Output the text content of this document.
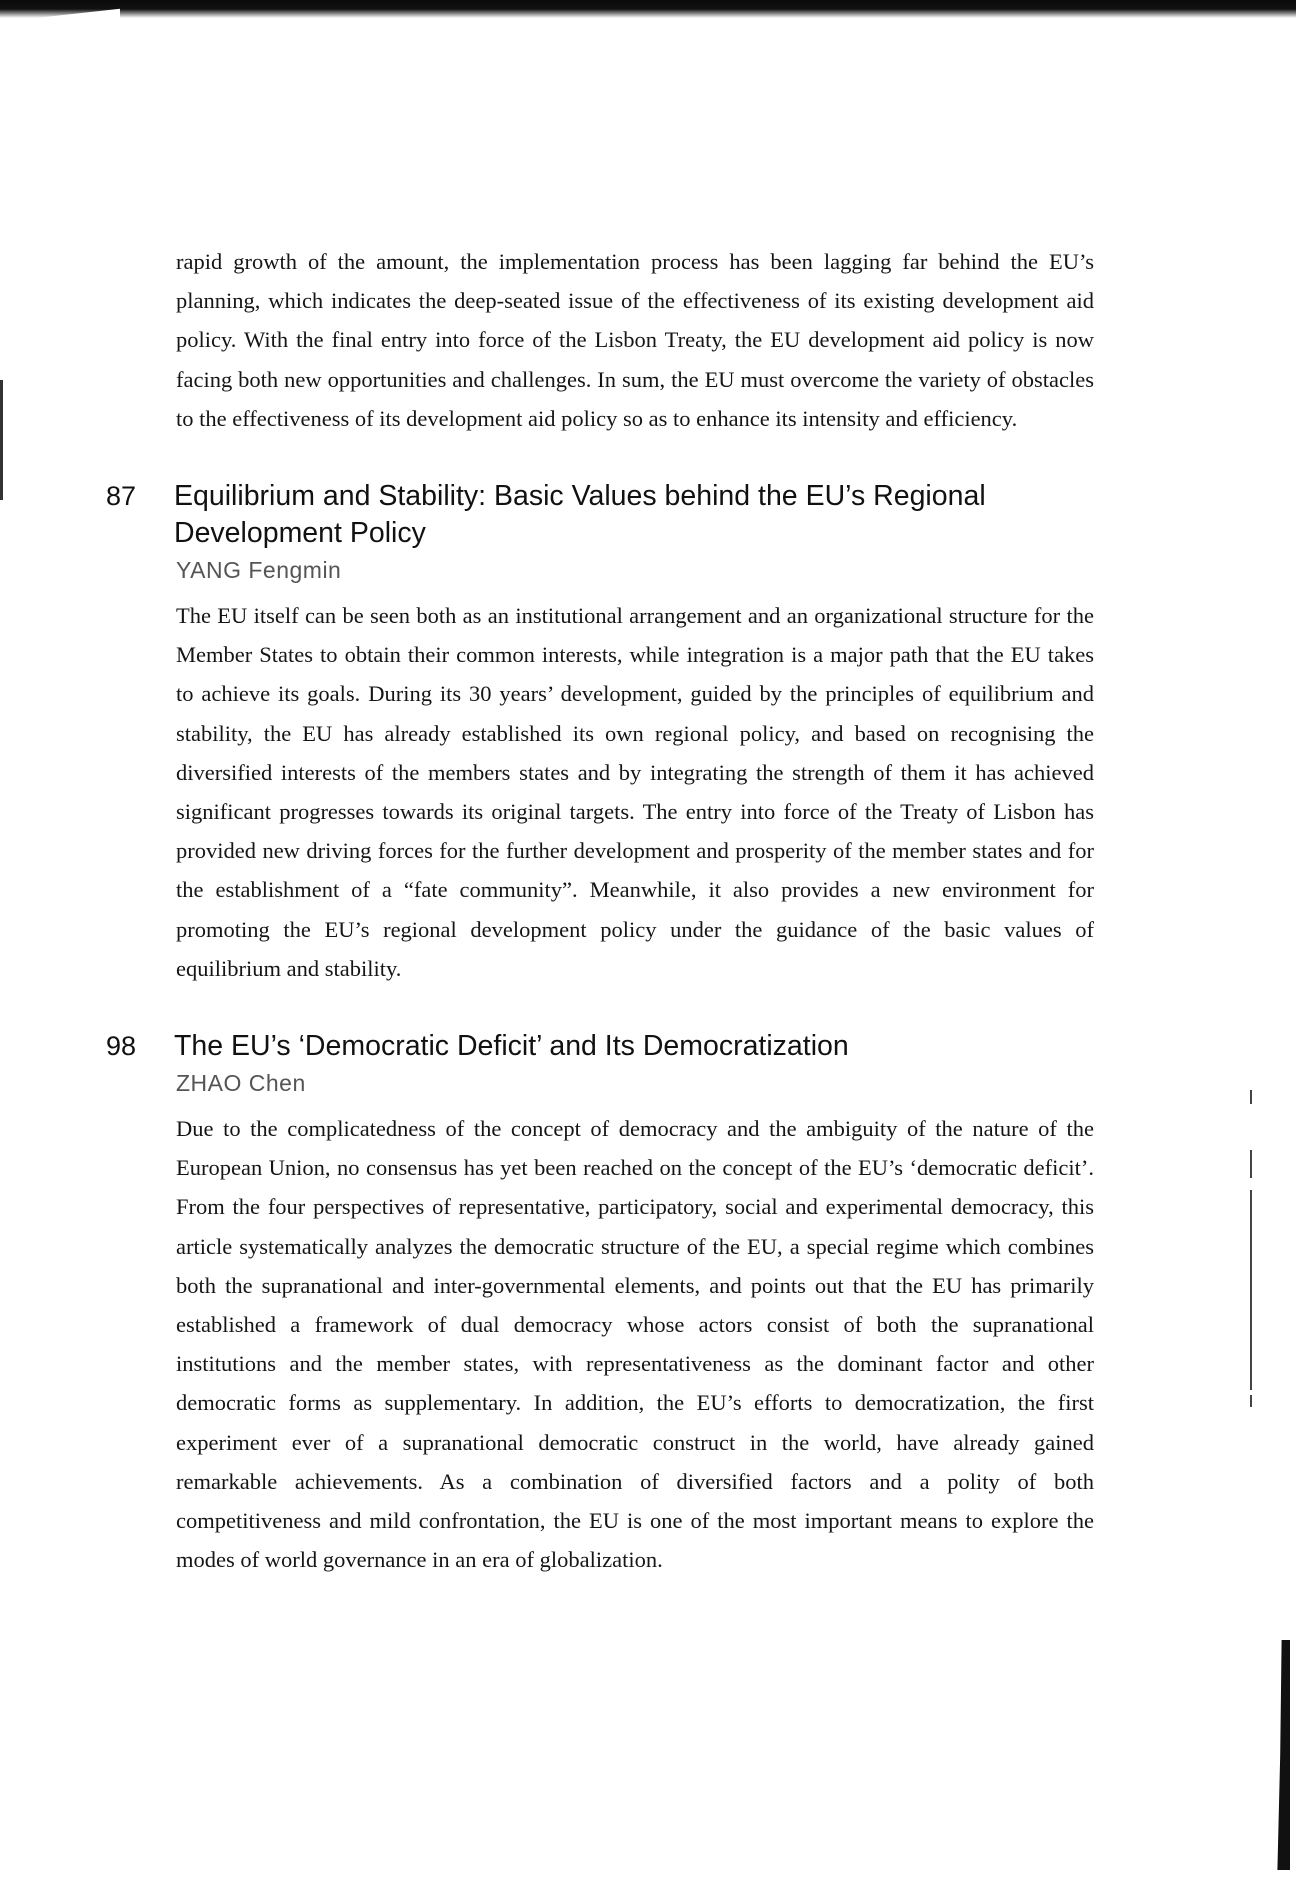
rapid growth of the amount, the implementation process has been lagging far behind the EU’s planning, which indicates the deep-seated issue of the effectiveness of its existing development aid policy. With the final entry into force of the Lisbon Treaty, the EU development aid policy is now facing both new opportunities and challenges. In sum, the EU must overcome the variety of obstacles to the effectiveness of its development aid policy so as to enhance its intensity and efficiency.

87 Equilibrium and Stability: Basic Values behind the EU’s Regional Development Policy
YANG Fengmin

The EU itself can be seen both as an institutional arrangement and an organizational structure for the Member States to obtain their common interests, while integration is a major path that the EU takes to achieve its goals. During its 30 years’ development, guided by the principles of equilibrium and stability, the EU has already established its own regional policy, and based on recognising the diversified interests of the members states and by integrating the strength of them it has achieved significant progresses towards its original targets. The entry into force of the Treaty of Lisbon has provided new driving forces for the further development and prosperity of the member states and for the establishment of a “fate community”. Meanwhile, it also provides a new environment for promoting the EU’s regional development policy under the guidance of the basic values of equilibrium and stability.

98 The EU’s ‘Democratic Deficit’ and Its Democratization
ZHAO Chen

Due to the complicatedness of the concept of democracy and the ambiguity of the nature of the European Union, no consensus has yet been reached on the concept of the EU’s ‘democratic deficit’. From the four perspectives of representative, participatory, social and experimental democracy, this article systematically analyzes the democratic structure of the EU, a special regime which combines both the supranational and inter-governmental elements, and points out that the EU has primarily established a framework of dual democracy whose actors consist of both the supranational institutions and the member states, with representativeness as the dominant factor and other democratic forms as supplementary. In addition, the EU’s efforts to democratization, the first experiment ever of a supranational democratic construct in the world, have already gained remarkable achievements. As a combination of diversified factors and a polity of both competitiveness and mild confrontation, the EU is one of the most important means to explore the modes of world governance in an era of globalization.
